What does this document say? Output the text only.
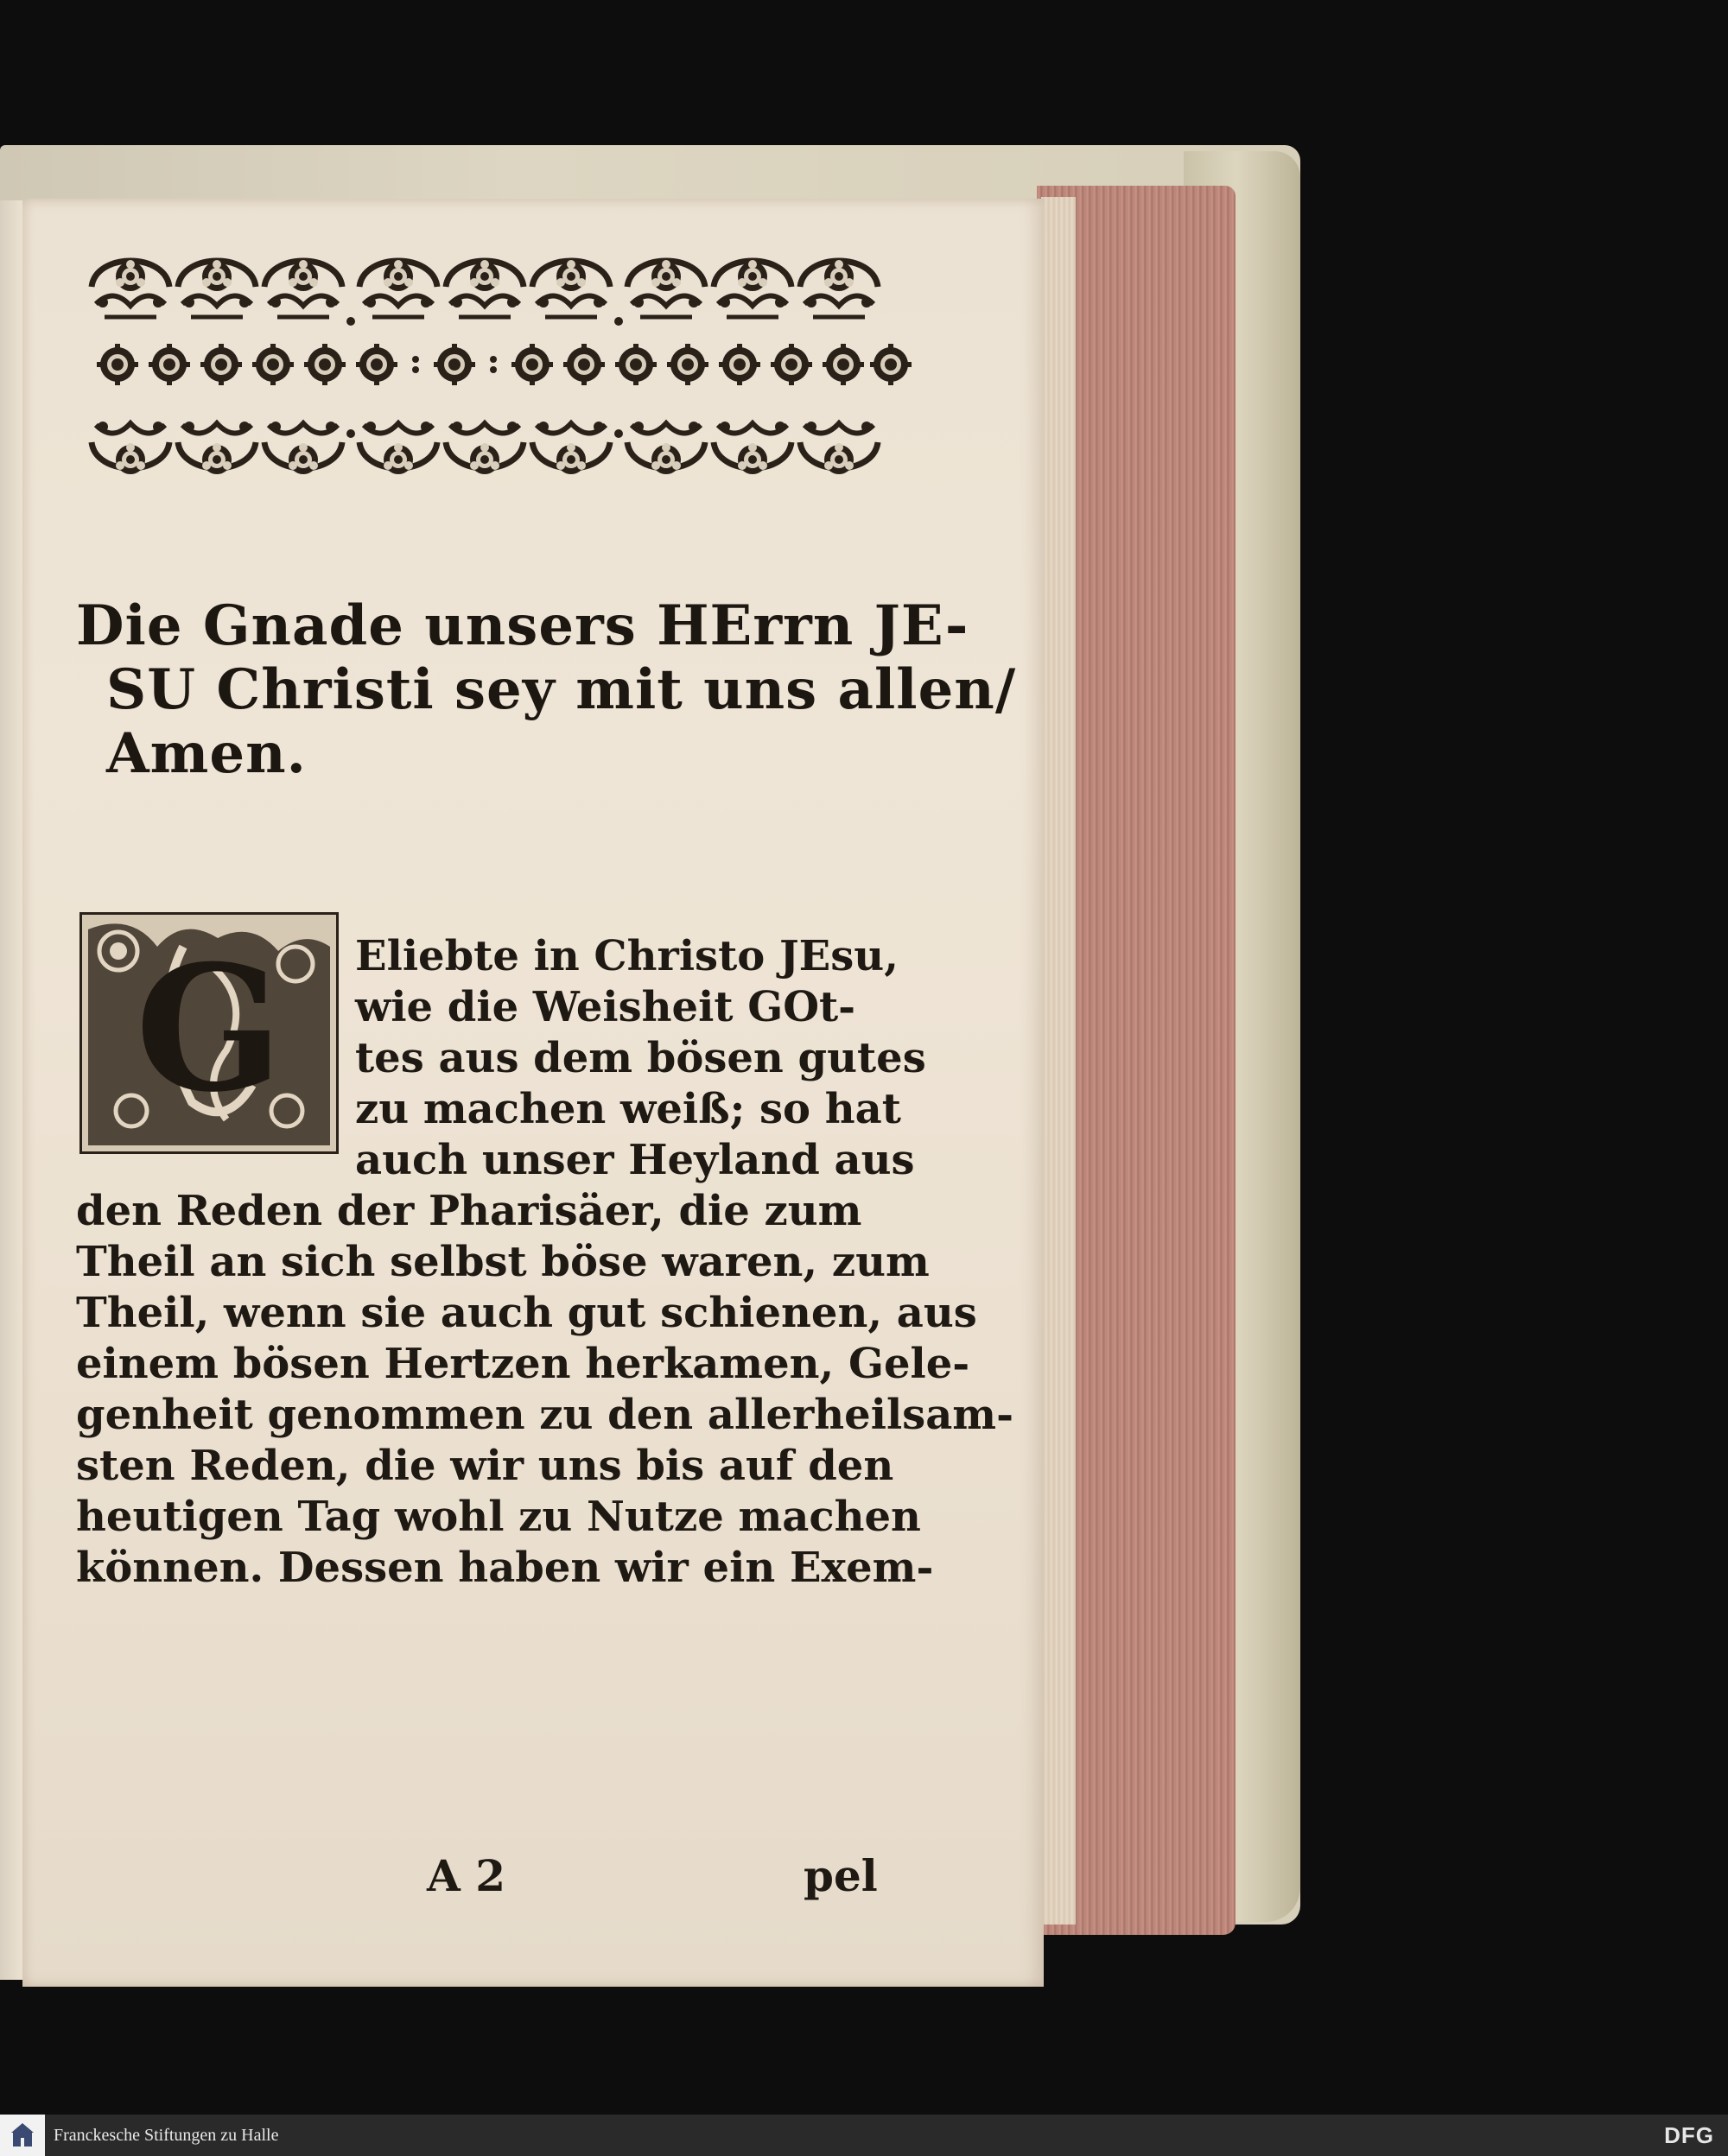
Die Gnade unsers HErrn JE-
SU Christi sey mit uns allen/
Amen.
G	Eliebte in Christo JEsu,
wie die Weisheit GOt-
tes aus dem bösen gutes
zu machen weiß; so hat
auch unser Heyland aus
den Reden der Pharisäer, die zum
Theil an sich selbst böse waren, zum
Theil, wenn sie auch gut schienen, aus
einem bösen Hertzen herkamen, Gele-
genheit genommen zu den allerheilsam-
sten Reden, die wir uns bis auf den
heutigen Tag wohl zu Nutze machen
können. Dessen haben wir ein Exem-
A 2	pel
Franckesche Stiftungen zu Halle	DFG
